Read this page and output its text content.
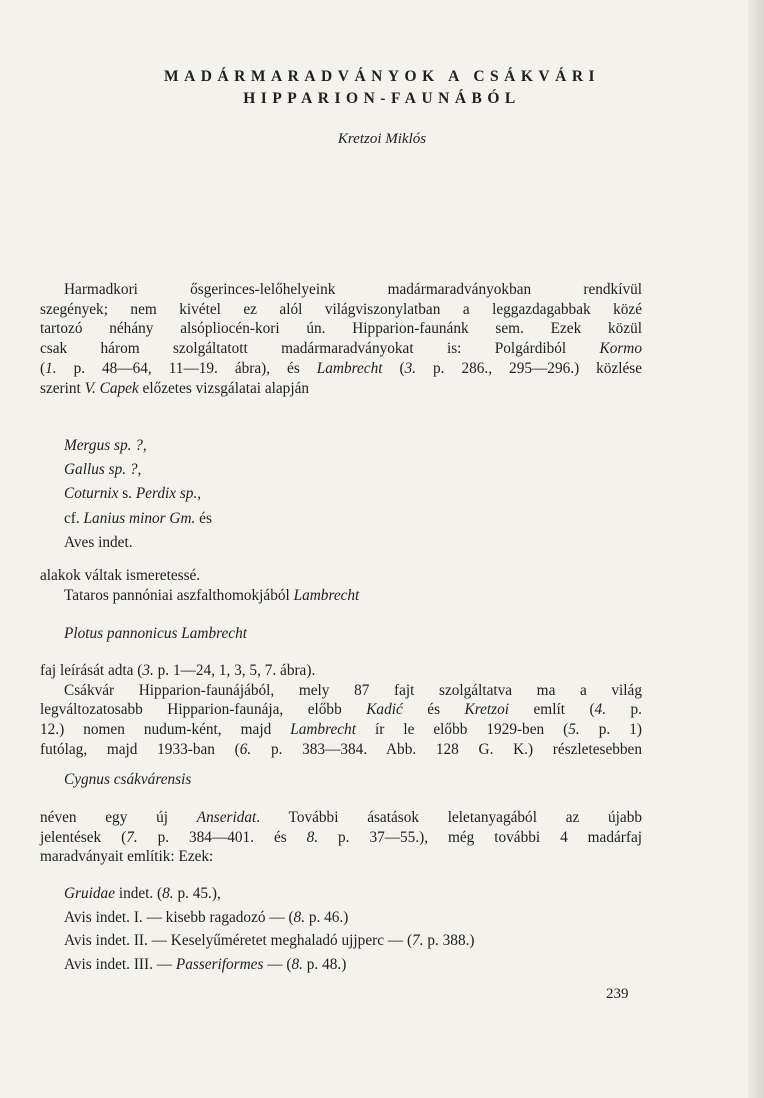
MADÁRMARADVÁNYOK A CSÁKVÁRI
HIPPARION-FAUNÁBÓL
Kretzoi Miklós
Harmadkori ősgerinces-lelőhelyeink madármaradványokban rendkívül
szegények; nem kivétel ez alól világviszonylatban a leggazdagabbak közé
tartozó néhány alsópliocén-kori ún. Hipparion-faunánk sem. Ezek közül
csak három szolgáltatott madármaradványokat is: Polgárdiból Kormo
(1. p. 48—64, 11—19. ábra), és Lambrecht (3. p. 286., 295—296.) közlése
szerint V. Capek előzetes vizsgálatai alapján
Mergus sp. ?,
Gallus sp. ?,
Coturnix s. Perdix sp.,
cf. Lanius minor Gm. és
Aves indet.
alakok váltak ismeretessé.
Tataros pannóniai aszfalthomokjából Lambrecht
Plotus pannonicus Lambrecht
faj leírását adta (3. p. 1—24, 1, 3, 5, 7. ábra).
Csákvár Hipparion-faunájából, mely 87 fajt szolgáltatva ma a világ
legváltozatosabb Hipparion-faunája, előbb Kadić és Kretzoi említ (4. p.
12.) nomen nudum-ként, majd Lambrecht ír le előbb 1929-ben (5. p. 1)
futólag, majd 1933-ban (6. p. 383—384. Abb. 128 G. K.) részletesebben
Cygnus csákvárensis
néven egy új Anseridat. További ásatások leletanyagából az újabb
jelentések (7. p. 384—401. és 8. p. 37—55.), még további 4 madárfaj
maradványait említik: Ezek:
Gruidae indet. (8. p. 45.),
Avis indet. I. — kisebb ragadozó — (8. p. 46.)
Avis indet. II. — Keselyűméretet meghaladó ujjperc — (7. p. 388.)
Avis indet. III. — Passeriformes — (8. p. 48.)
239
